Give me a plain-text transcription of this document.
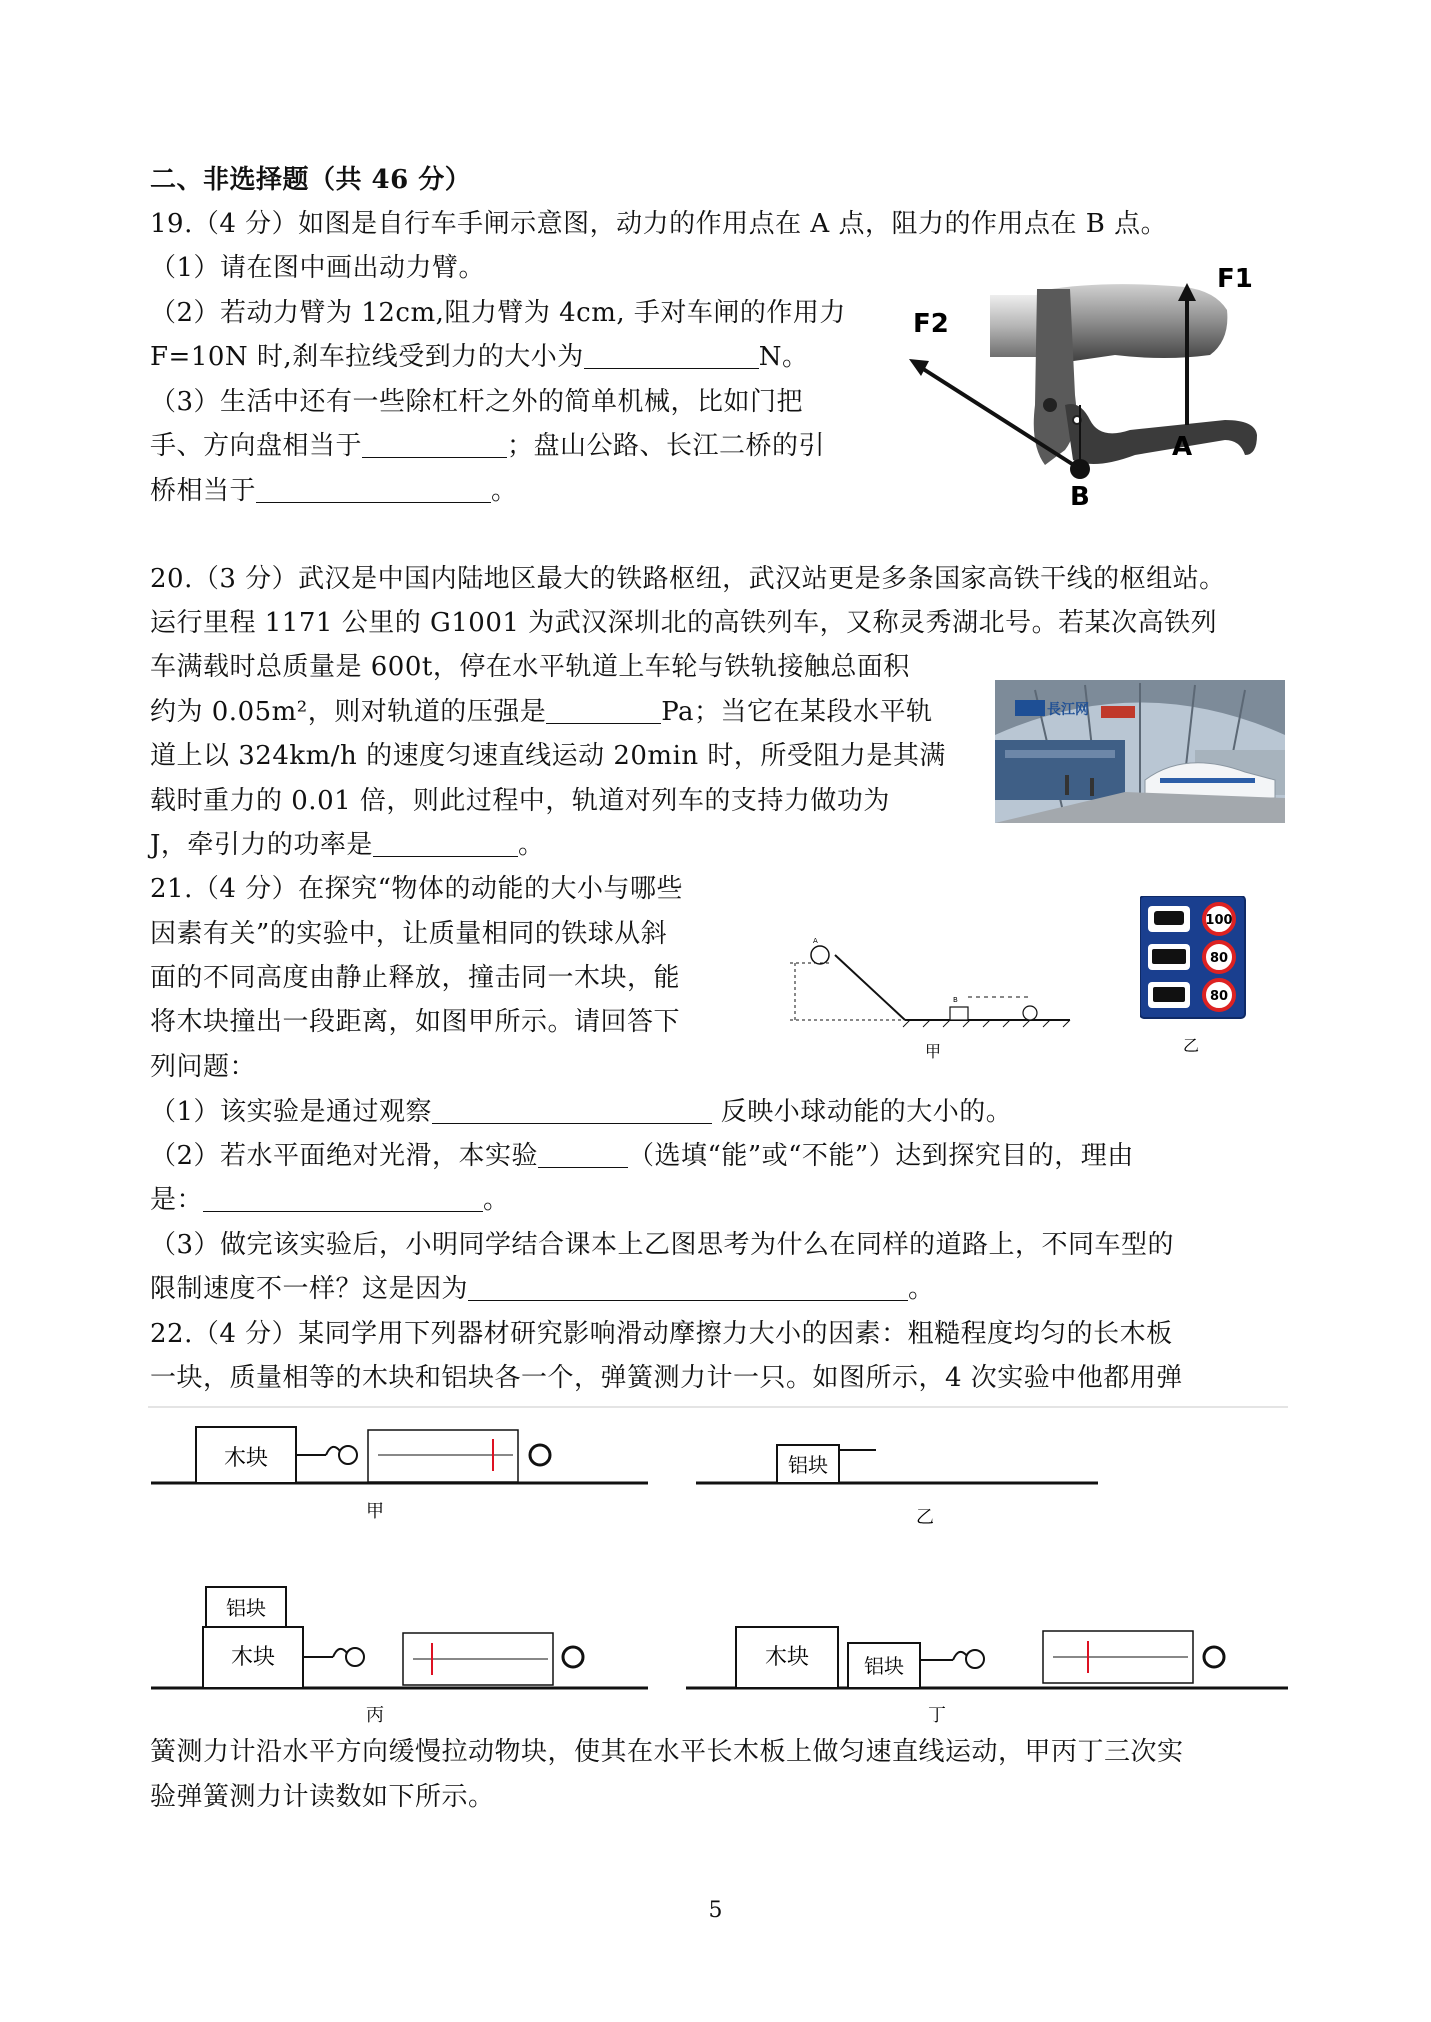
二、非选择题（共 46 分）
19.（4 分）如图是自行车手闸示意图，动力的作用点在 A 点，阻力的作用点在 B 点。
（1）请在图中画出动力臂。
（2）若动力臂为 12cm,阻力臂为 4cm, 手对车闸的作用力
F=10N 时,刹车拉线受到力的大小为	N。
（3）生活中还有一些除杠杆之外的简单机械，比如门把
手、方向盘相当于	；盘山公路、长江二桥的引
桥相当于	。
F1
F2
A
B
20.（3 分）武汉是中国内陆地区最大的铁路枢纽，武汉站更是多条国家高铁干线的枢组站。
运行里程 1171 公里的 G1001 为武汉深圳北的高铁列车，又称灵秀湖北号。若某次高铁列
车满载时总质量是 600t，停在水平轨道上车轮与铁轨接触总面积
约为 0.05m²，则对轨道的压强是	Pa；当它在某段水平轨
道上以 324km/h 的速度匀速直线运动 20min 时，所受阻力是其满
载时重力的 0.01 倍，则此过程中，轨道对列车的支持力做功为
J，牵引力的功率是	。
長江网
21.（4 分）在探究“物体的动能的大小与哪些
因素有关”的实验中，让质量相同的铁球从斜
面的不同高度由静止释放，撞击同一木块，能
将木块撞出一段距离，如图甲所示。请回答下
列问题：
（1）该实验是通过观察	反映小球动能的大小的。
（2）若水平面绝对光滑，本实验	（选填“能”或“不能”）达到探究目的，理由
是：	。
（3）做完该实验后，小明同学结合课本上乙图思考为什么在同样的道路上，不同车型的
限制速度不一样？这是因为	。
A
B
甲
100
80
80
乙
22.（4 分）某同学用下列器材研究影响滑动摩擦力大小的因素：粗糙程度均匀的长木板
一块，质量相等的木块和铝块各一个，弹簧测力计一只。如图所示，4 次实验中他都用弹
木块
甲
铝块
乙
铝块
木块
丙
木块	铝块
丁
簧测力计沿水平方向缓慢拉动物块，使其在水平长木板上做匀速直线运动，甲丙丁三次实
验弹簧测力计读数如下所示。
5
